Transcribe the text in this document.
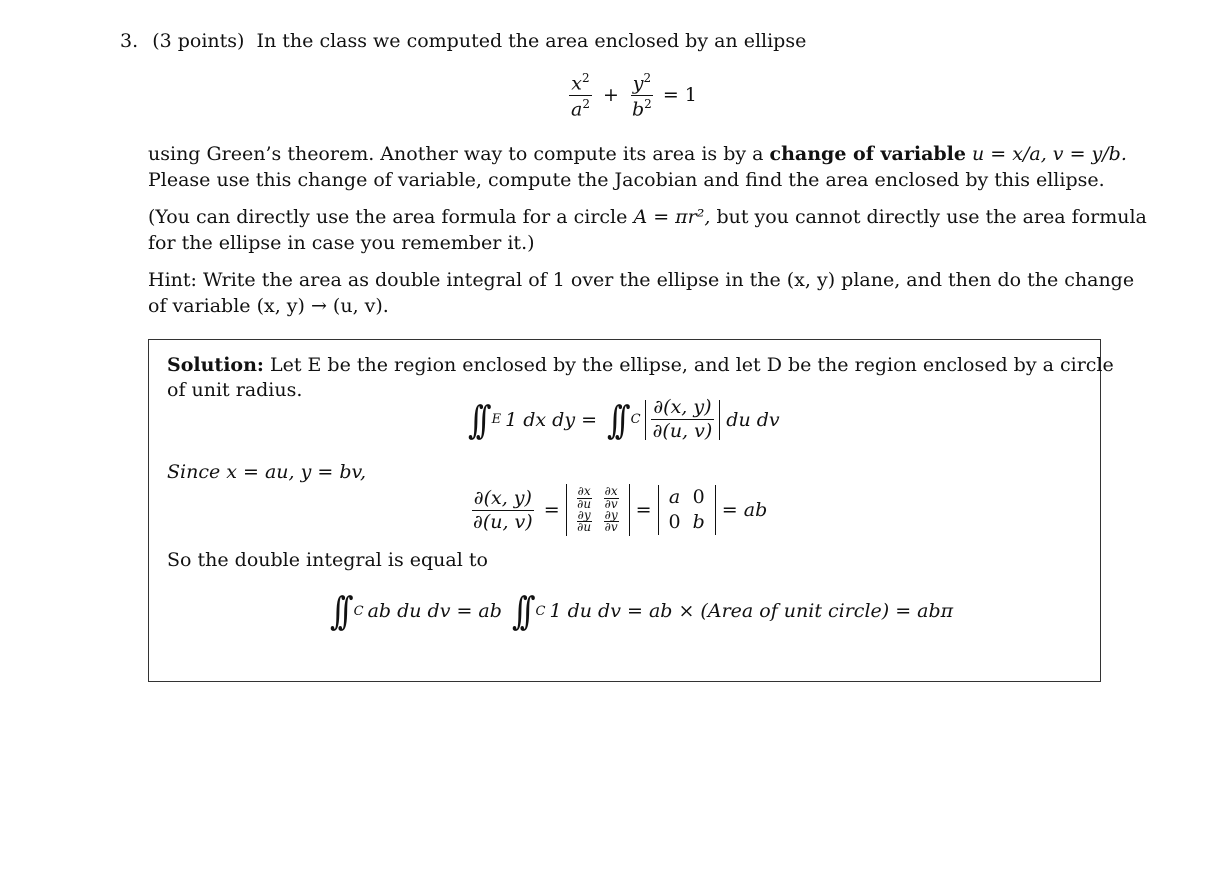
3. (3 points) In the class we computed the area enclosed by an ellipse
$\frac{x^2}{a^2} + \frac{y^2}{b^2} = 1$
using Green’s theorem. Another way to compute its area is by a change of variable u = x/a, v = y/b.
Please use this change of variable, compute the Jacobian and find the area enclosed by this ellipse.
(You can directly use the area formula for a circle A = πr², but you cannot directly use the area formula
for the ellipse in case you remember it.)
Hint: Write the area as double integral of 1 over the ellipse in the (x, y) plane, and then do the change
of variable (x, y) → (u, v).
Solution: Let E be the region enclosed by the ellipse, and let D be the region enclosed by a circle
of unit radius.
∫∫ E 1 dx dy = ∫∫ C $\frac{\partial(x, y)}{\partial(u, v)}$ du dv
Since x = au, y = bv,
$\frac{\partial(x, y)}{\partial(u, v)}$ =
∂x
∂u
∂y
∂u
∂x
∂v
∂y
∂v
=
a
0
0
b
= ab
So the double integral is equal to
∫∫ C ab du dv = ab ∫∫ C 1 du dv = ab × (Area of unit circle) = abπ
